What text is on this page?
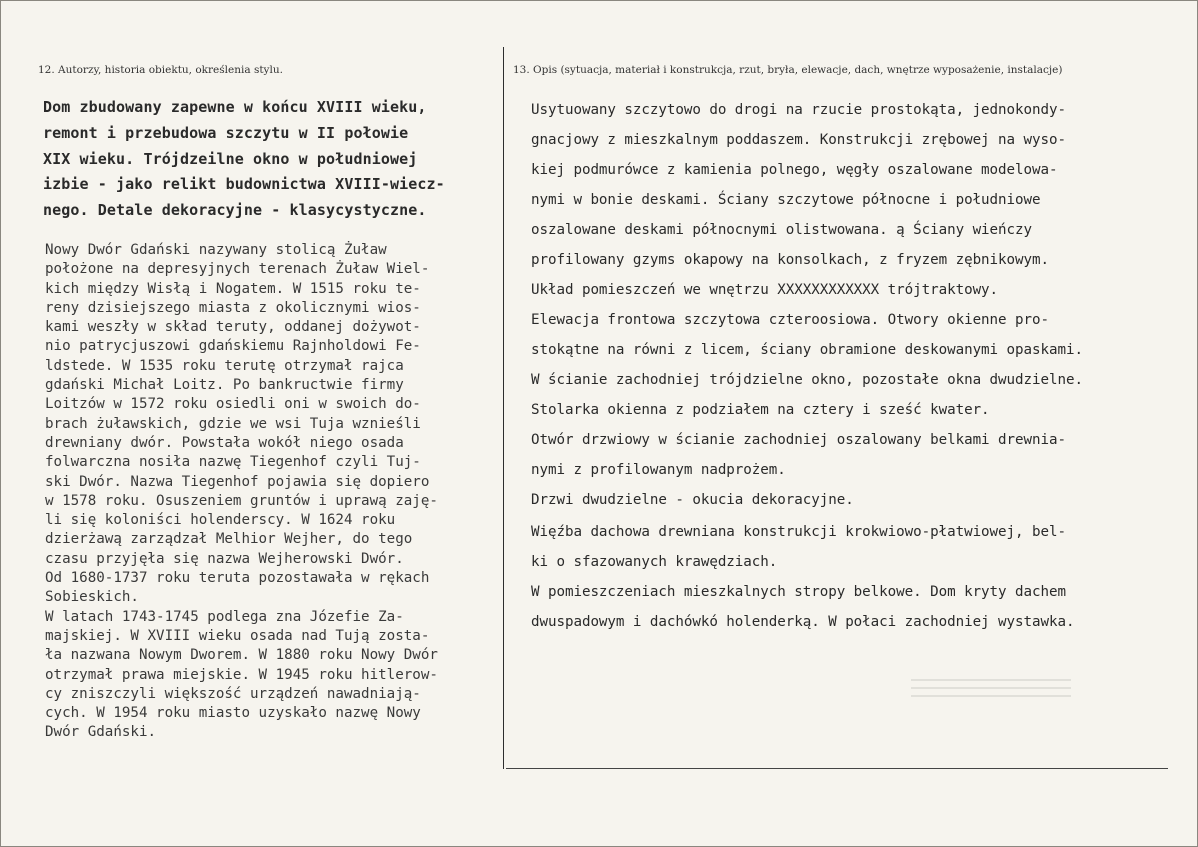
12. Autorzy, historia obiektu, określenia stylu.	13. Opis (sytuacja, materiał i konstrukcja, rzut, bryła, elewacje, dach, wnętrze wyposażenie, instalacje)
Dom zbudowany zapewne w końcu XVIII wieku,
remont i przebudowa szczytu w II połowie
XIX wieku. Trójdzeilne okno w południowej
izbie - jako relikt budownictwa XVIII-wiecz-
nego. Detale dekoracyjne - klasycystyczne.
Nowy Dwór Gdański nazywany stolicą Żuław
położone na depresyjnych terenach Żuław Wiel-
kich między Wisłą i Nogatem. W 1515 roku te-
reny dzisiejszego miasta z okolicznymi wios-
kami weszły w skład teruty, oddanej dożywot-
nio patrycjuszowi gdańskiemu Rajnholdowi Fe-
ldstede. W 1535 roku terutę otrzymał rajca
gdański Michał Loitz. Po bankructwie firmy
Loitzów w 1572 roku osiedli oni w swoich do-
brach żuławskich, gdzie we wsi Tuja wznieśli
drewniany dwór. Powstała wokół niego osada
folwarczna nosiła nazwę Tiegenhof czyli Tuj-
ski Dwór. Nazwa Tiegenhof pojawia się dopiero
w 1578 roku. Osuszeniem gruntów i uprawą zaję-
li się koloniści holenderscy. W 1624 roku
dzierżawą zarządzał Melhior Wejher, do tego
czasu przyjęła się nazwa Wejherowski Dwór.
Od 1680-1737 roku teruta pozostawała w rękach
Sobieskich.
W latach 1743-1745 podlega zna Józefie Za-
majskiej. W XVIII wieku osada nad Tują zosta-
ła nazwana Nowym Dworem. W 1880 roku Nowy Dwór
otrzymał prawa miejskie. W 1945 roku hitlerow-
cy zniszczyli większość urządzeń nawadniają-
cych. W 1954 roku miasto uzyskało nazwę Nowy
Dwór Gdański.
Usytuowany szczytowo do drogi na rzucie prostokąta, jednokondy-
gnacjowy z mieszkalnym poddaszem. Konstrukcji zrębowej na wyso-
kiej podmurówce z kamienia polnego, węgły oszalowane modelowa-
nymi w bonie deskami. Ściany szczytowe północne i południowe
oszalowane deskami północnymi olistwowana. ą Ściany wieńczy
profilowany gzyms okapowy na konsolkach, z fryzem zębnikowym.
Układ pomieszczeń we wnętrzu XXXXXXXXXXXX trójtraktowy.
Elewacja frontowa szczytowa czteroosiowa. Otwory okienne pro-
stokątne na równi z licem, ściany obramione deskowanymi opaskami.
W ścianie zachodniej trójdzielne okno, pozostałe okna dwudzielne.
Stolarka okienna z podziałem na cztery i sześć kwater.
Otwór drzwiowy w ścianie zachodniej oszalowany belkami drewnia-
nymi z profilowanym nadprożem.
Drzwi dwudzielne - okucia dekoracyjne.
Więźba dachowa drewniana konstrukcji krokwiowo-płatwiowej, bel-
ki o sfazowanych krawędziach.
W pomieszczeniach mieszkalnych stropy belkowe. Dom kryty dachem
dwuspadowym i dachówkó holenderką. W połaci zachodniej wystawka.
